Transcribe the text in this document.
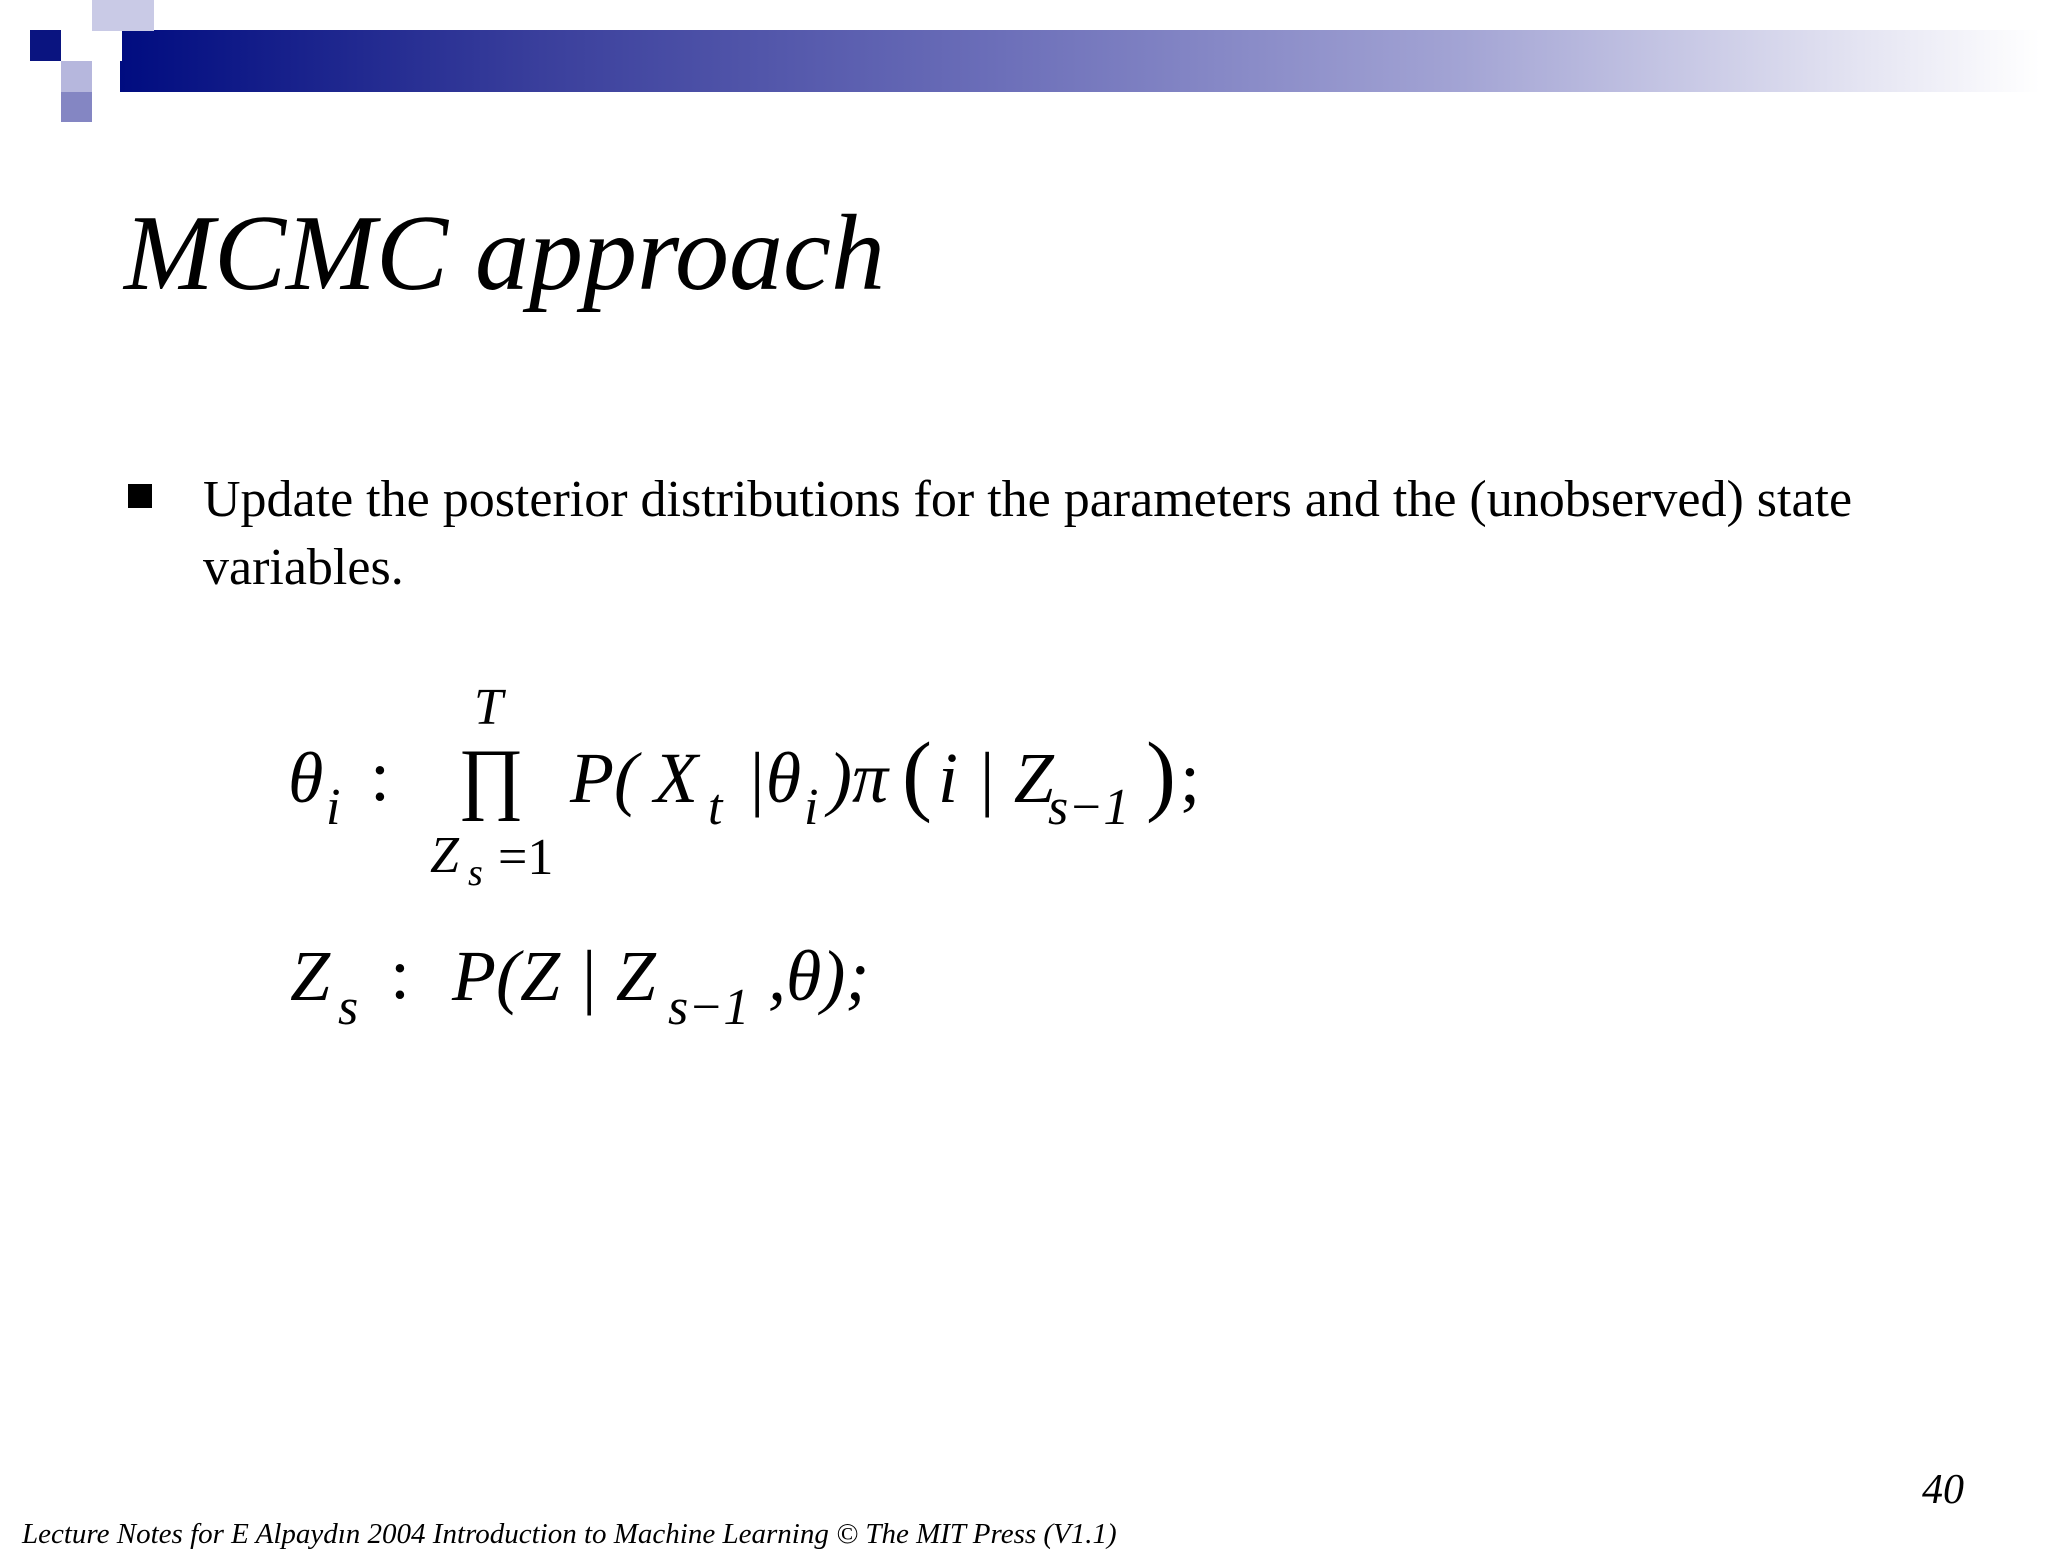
MCMC approach
Update the posterior distributions for the parameters and the (unobserved) state variables.
θ i :
T
∏
Z s =1
P( X t |θ i )π ( i | Z
s−1 ) ;
Z s : P(Z | Z s−1 ,θ);
40
Lecture Notes for E Alpaydın 2004 Introduction to Machine Learning © The MIT Press (V1.1)
